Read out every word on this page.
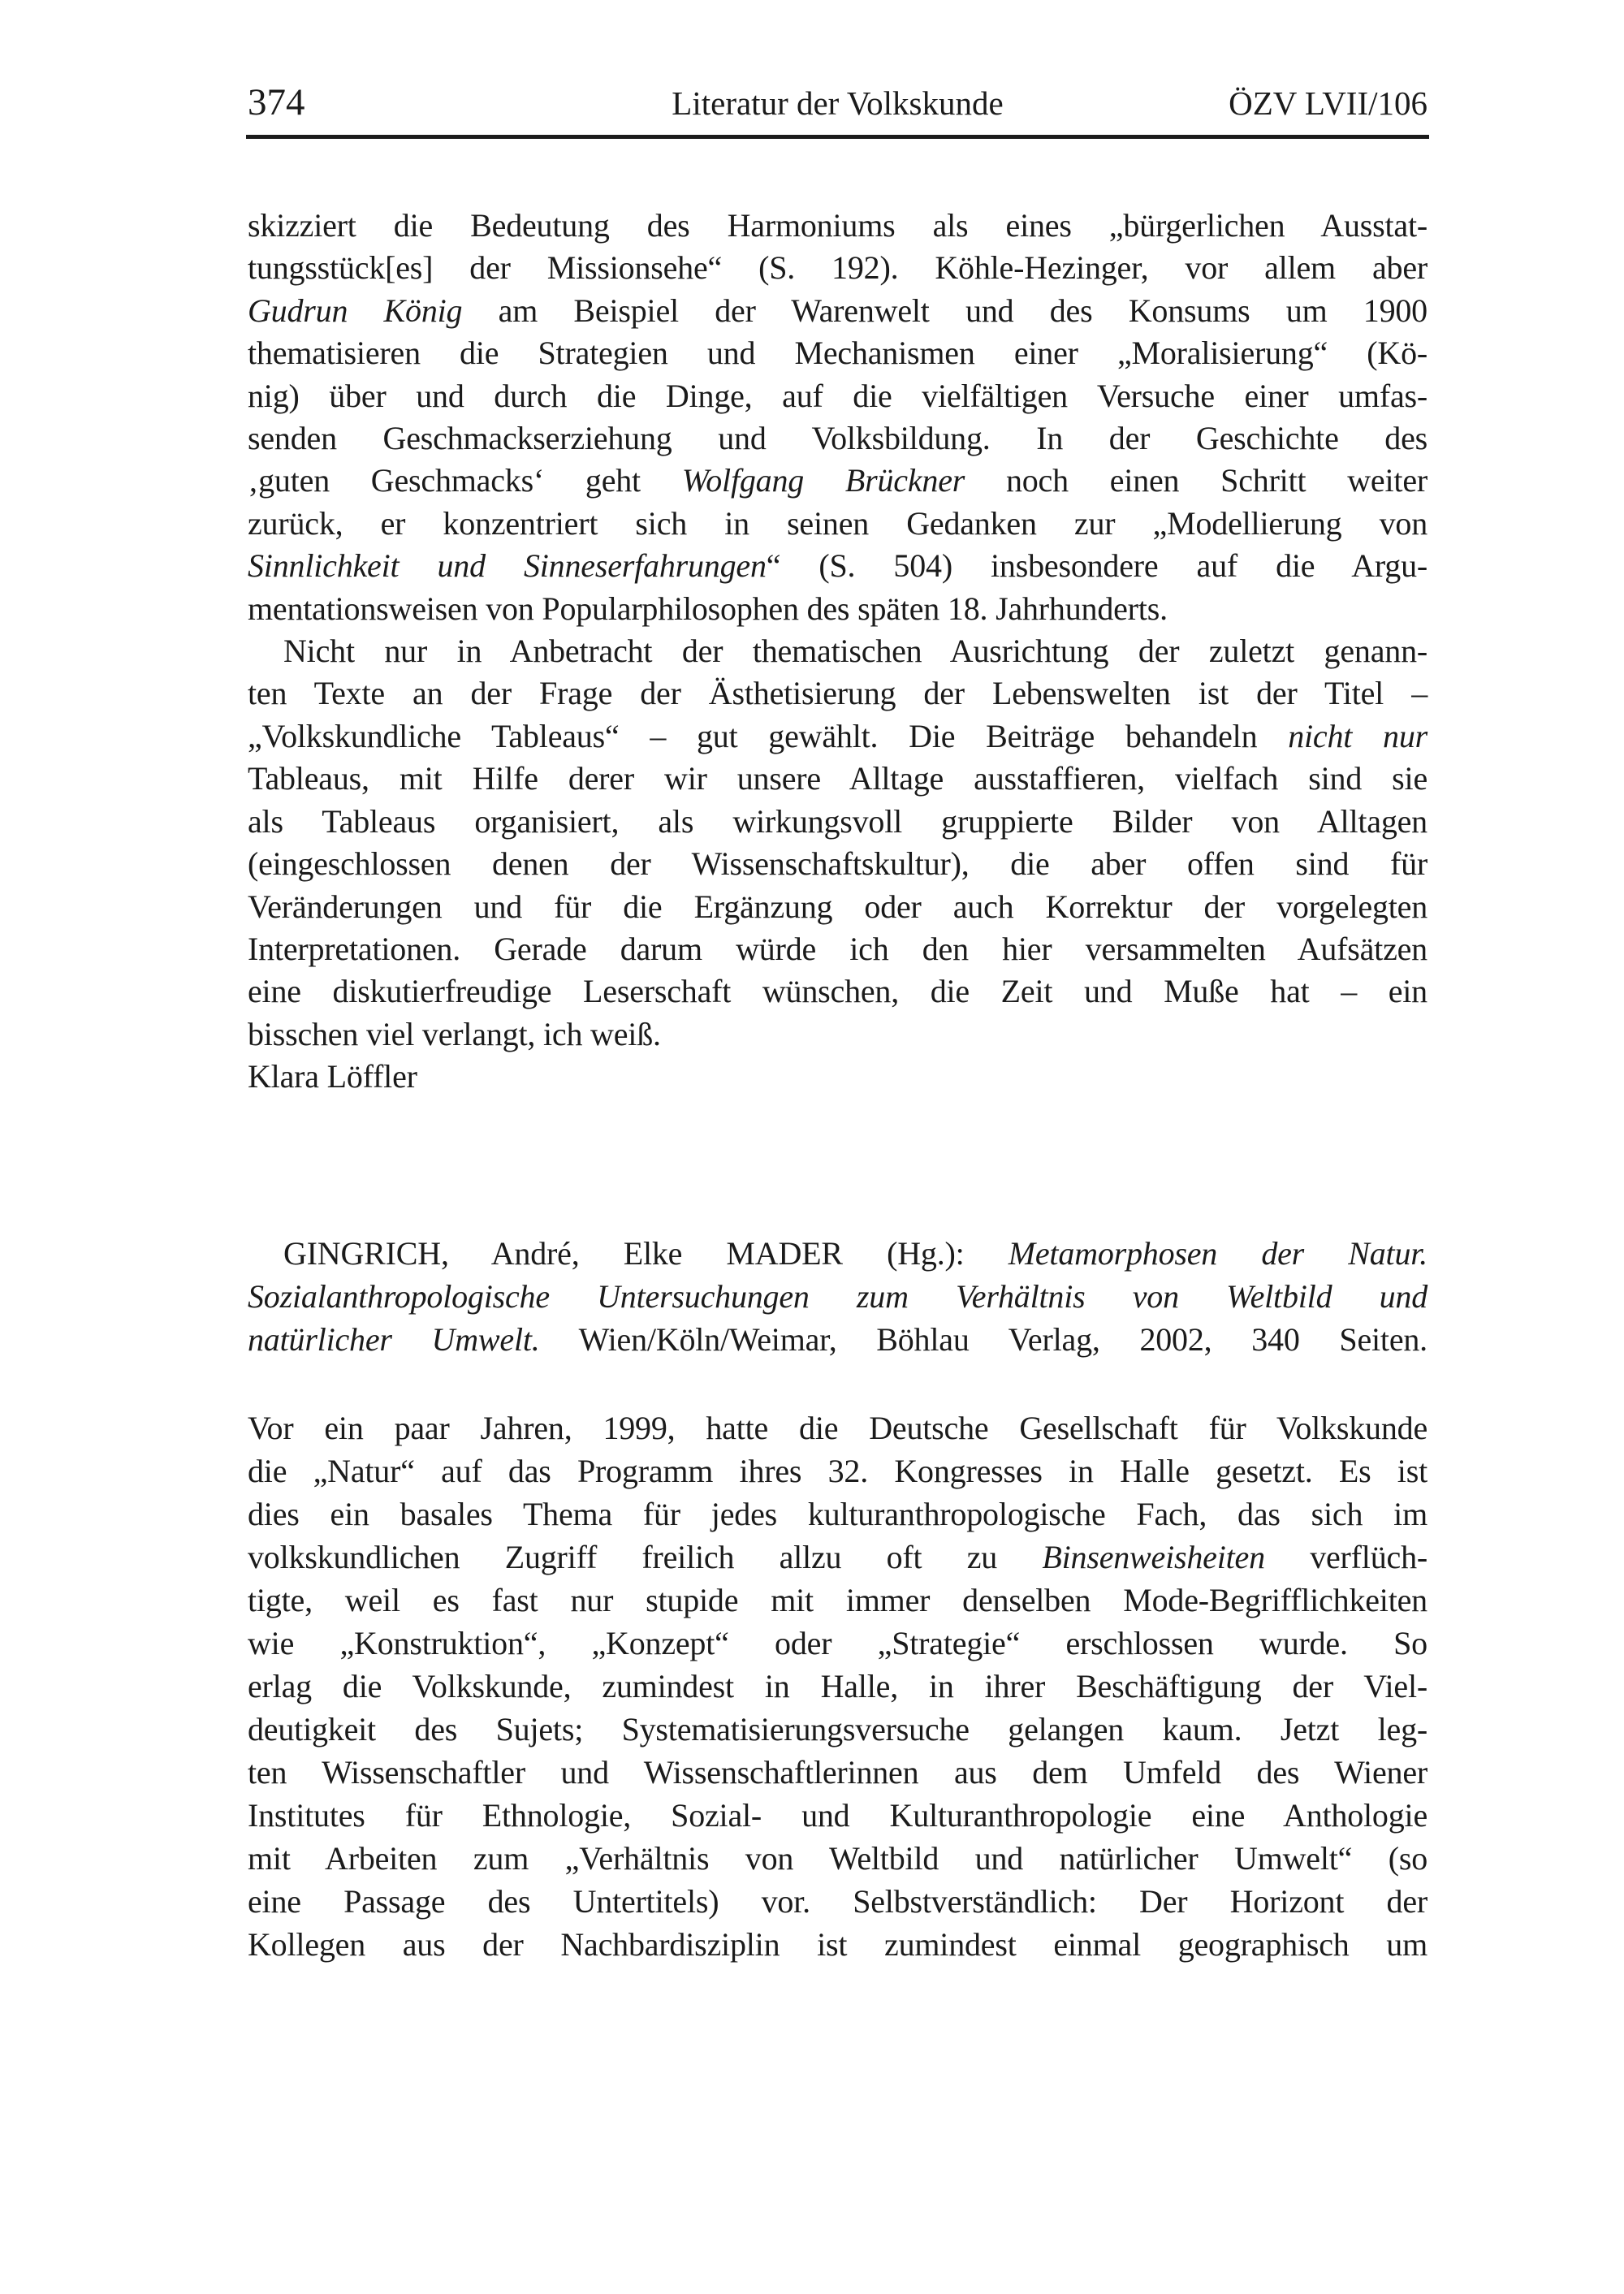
374	Literatur der Volkskunde	ÖZV LVII/106
skizziert die Bedeutung des Harmoniums als eines „bürgerlichen Ausstat-
tungsstück[es] der Missionsehe“ (S. 192). Köhle-Hezinger, vor allem aber
Gudrun König am Beispiel der Warenwelt und des Konsums um 1900
thematisieren die Strategien und Mechanismen einer „Moralisierung“ (Kö-
nig) über und durch die Dinge, auf die vielfältigen Versuche einer umfas-
senden Geschmackserziehung und Volksbildung. In der Geschichte des
‚guten Geschmacks‘ geht Wolfgang Brückner noch einen Schritt weiter
zurück, er konzentriert sich in seinen Gedanken zur „Modellierung von
Sinnlichkeit und Sinneserfahrungen“ (S. 504) insbesondere auf die Argu-
mentationsweisen von Popularphilosophen des späten 18. Jahrhunderts.
Nicht nur in Anbetracht der thematischen Ausrichtung der zuletzt genann-
ten Texte an der Frage der Ästhetisierung der Lebenswelten ist der Titel –
„Volkskundliche Tableaus“ – gut gewählt. Die Beiträge behandeln nicht nur
Tableaus, mit Hilfe derer wir unsere Alltage ausstaffieren, vielfach sind sie
als Tableaus organisiert, als wirkungsvoll gruppierte Bilder von Alltagen
(eingeschlossen denen der Wissenschaftskultur), die aber offen sind für
Veränderungen und für die Ergänzung oder auch Korrektur der vorgelegten
Interpretationen. Gerade darum würde ich den hier versammelten Aufsätzen
eine diskutierfreudige Leserschaft wünschen, die Zeit und Muße hat – ein
bisschen viel verlangt, ich weiß.
Klara Löffler
GINGRICH, André, Elke MADER (Hg.): Metamorphosen der Natur.
Sozialanthropologische Untersuchungen zum Verhältnis von Weltbild und
natürlicher Umwelt. Wien/Köln/Weimar, Böhlau Verlag, 2002, 340 Seiten.
Vor ein paar Jahren, 1999, hatte die Deutsche Gesellschaft für Volkskunde
die „Natur“ auf das Programm ihres 32. Kongresses in Halle gesetzt. Es ist
dies ein basales Thema für jedes kulturanthropologische Fach, das sich im
volkskundlichen Zugriff freilich allzu oft zu Binsenweisheiten verflüch-
tigte, weil es fast nur stupide mit immer denselben Mode-Begrifflichkeiten
wie „Konstruktion“, „Konzept“ oder „Strategie“ erschlossen wurde. So
erlag die Volkskunde, zumindest in Halle, in ihrer Beschäftigung der Viel-
deutigkeit des Sujets; Systematisierungsversuche gelangen kaum. Jetzt leg-
ten Wissenschaftler und Wissenschaftlerinnen aus dem Umfeld des Wiener
Institutes für Ethnologie, Sozial- und Kulturanthropologie eine Anthologie
mit Arbeiten zum „Verhältnis von Weltbild und natürlicher Umwelt“ (so
eine Passage des Untertitels) vor. Selbstverständlich: Der Horizont der
Kollegen aus der Nachbardisziplin ist zumindest einmal geographisch um
